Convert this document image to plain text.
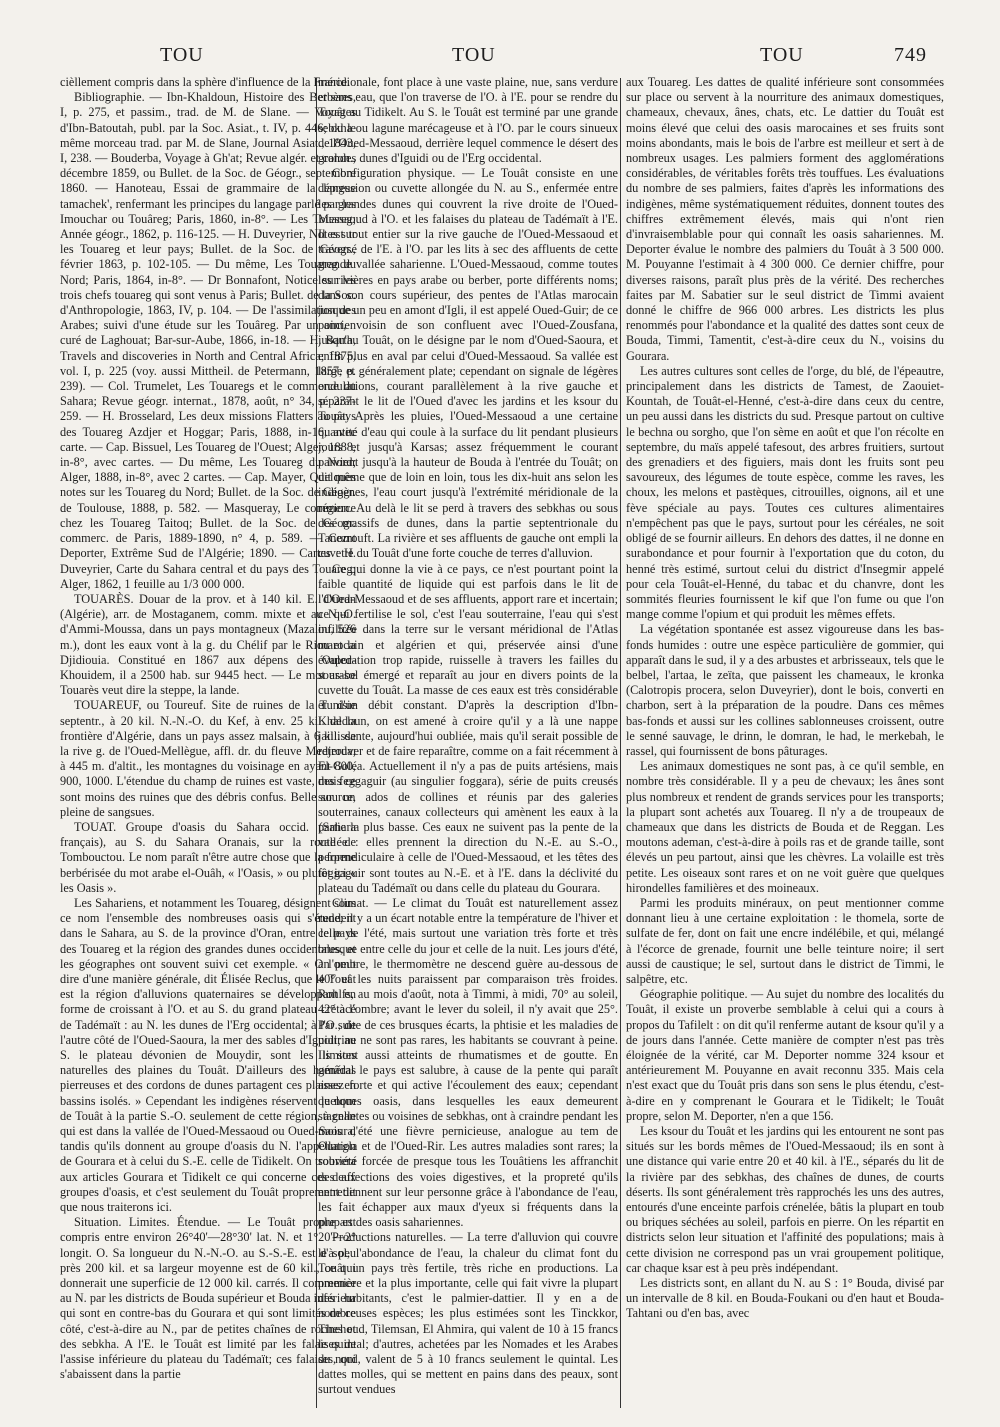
TOU	TOU	TOU	749

cièllement compris dans la sphère d'influence de la France.

Bibliographie. — Ibn-Khaldoun, Histoire des Berbères, I, p. 275, et passim., trad. de M. de Slane. — Voyages d'Ibn-Batoutah, publ. par la Soc. Asiat., t. IV, p. 446; ou le même morceau trad. par M. de Slane, Journal Asiat., 1843, I, 238. — Bouderba, Voyage à Gh'at; Revue algér. et colon., décembre 1859, ou Bullet. de la Soc. de Géogr., septembre 1860. — Hanoteau, Essai de grammaire de la langue tamachek', renfermant les principes du langage parlé par les Imouchar ou Touâreg; Paris, 1860, in-8°. — Les Touareg; Année géogr., 1862, p. 116-125. — H. Duveyrier, Notes sur les Touareg et leur pays; Bullet. de la Soc. de Géogr., février 1863, p. 102-105. — Du même, Les Touareg du Nord; Paris, 1864, in-8°. — Dr Bonnafont, Notice sur les trois chefs touareg qui sont venus à Paris; Bullet. de la Soc. d'Anthropologie, 1863, IV, p. 104. — De l'assimilation des Arabes; suivi d'une étude sur les Touâreg. Par un ancien curé de Laghouat; Bar-sur-Aube, 1866, in-18. — H. Barth, Travels and discoveries in North and Central Africa; 1875, vol. I, p. 225 (voy. aussi Mittheil. de Petermann, 1857, p. 239). — Col. Trumelet, Les Touaregs et le commerce du Sahara; Revue géogr. internat., 1878, août, n° 34, p. 237-259. — H. Brosselard, Les deux missions Flatters au pays des Touareg Azdjer et Hoggar; Paris, 1888, in-16, avec carte. — Cap. Bissuel, Les Touareg de l'Ouest; Alger, 1888, in-8°, avec cartes. — Du même, Les Touareg du Nord; Alger, 1888, in-8°, avec 2 cartes. — Cap. Mayer, Quelques notes sur les Touareg du Nord; Bullet. de la Soc. de Géogr. de Toulouse, 1888, p. 582. — Masqueray, Le commerce chez les Touareg Taitoq; Bullet. de la Soc. de Géogr. commerc. de Paris, 1889-1890, n° 4, p. 589. — Comt Deporter, Extrême Sud de l'Algérie; 1890. — Cartes : H. Duveyrier, Carte du Sahara central et du pays des Touareg; Alger, 1862, 1 feuille au 1/3 000 000.

TOUARÈS. Douar de la prov. et à 140 kil. E. d'Oran (Algérie), arr. de Mostaganem, comm. mixte et au N.-O. d'Ammi-Moussa, dans un pays montagneux (Mazalou, 526 m.), dont les eaux vont à la g. du Chélif par le Riou et la Djidiouia. Constitué en 1867 aux dépens des Ouled-Khouidem, il a 2500 hab. sur 9445 hect. — Le mot arabe Touarès veut dire la steppe, la lande.

TOUAREUF, ou Toureuf. Site de ruines de la Tunisie septentr., à 20 kil. N.-N.-O. du Kef, à env. 25 kil. de la frontière d'Algérie, dans un pays assez malsain, à 6 kil. de la rive g. de l'Oued-Mellègue, affl. dr. du fleuve Medjerda; à 445 m. d'altit., les montagnes du voisinage en ayant 800, 900, 1000. L'étendue du champ de ruines est vaste, mais ce sont moins des ruines que des débris confus. Belle source, pleine de sangsues.

TOUAT. Groupe d'oasis du Sahara occid. (Sahara français), au S. du Sahara Oranais, sur la route de Tombouctou. Le nom paraît n'être autre chose que la forme berbérisée du mot arabe el-Ouâh, « l'Oasis, » ou plutôt ici « les Oasis ».

Les Sahariens, et notamment les Touareg, désignent sous ce nom l'ensemble des nombreuses oasis qui s'étendent dans le Sahara, au S. de la province d'Oran, entre le pays des Touareg et la région des grandes dunes occidentales, et les géographes ont souvent suivi cet exemple. « On peut dire d'une manière générale, dit Élisée Reclus, que le Touât est la région d'alluvions quaternaires se développant en forme de croissant à l'O. et au S. du grand plateau crétacé de Tadémaït : au N. les dunes de l'Erg occidental; à l'O., de l'autre côté de l'Oued-Saoura, la mer des sables d'Iguidi; au S. le plateau dévonien de Mouydir, sont les limites naturelles des plaines du Touât. D'ailleurs des hamâdas pierreuses et des cordons de dunes partagent ces plaines en bassins isolés. » Cependant les indigènes réservent le nom de Touât à la partie S.-O. seulement de cette région, à celle qui est dans la vallée de l'Oued-Messaoud ou Oued-Saoura, tandis qu'ils donnent au groupe d'oasis du N. l'appellation de Gourara et à celui du S.-E. celle de Tidikelt. On trouvera aux articles Gourara et Tidikelt ce qui concerne ces deux groupes d'oasis, et c'est seulement du Touât proprement dit que nous traiterons ici.

Situation. Limites. Étendue. — Le Touât propre est compris entre environ 26°40'—28°30' lat. N. et 1°20'—2° longit. O. Sa longueur du N.-N.-O. au S.-S.-E. est d'à peu près 200 kil. et sa largeur moyenne est de 60 kil., ce qui donnerait une superficie de 12 000 kil. carrés. Il commence au N. par les districts de Bouda supérieur et Bouda inférieur qui sont en contre-bas du Gourara et qui sont limités de ce côté, c'est-à-dire au N., par de petites chaînes de roches et des sebkha. A l'E. le Touât est limité par les falaises de l'assise inférieure du plateau du Tadémaït; ces falaises, qui s'abaissent dans la partie

méridionale, font place à une vaste plaine, nue, sans verdure et sans eau, que l'on traverse de l'O. à l'E. pour se rendre du Touât au Tidikelt. Au S. le Touât est terminé par une grande sebkha ou lagune marécageuse et à l'O. par le cours sinueux de l'Oued-Messaoud, derrière lequel commence le désert des grandes dunes d'Iguidi ou de l'Erg occidental.

Configuration physique. — Le Touât consiste en une dépression ou cuvette allongée du N. au S., enfermée entre les grandes dunes qui couvrent la rive droite de l'Oued-Messaoud à l'O. et les falaises du plateau de Tadémaït à l'E. Il est tout entier sur la rive gauche de l'Oued-Messaoud et traversé de l'E. à l'O. par les lits à sec des affluents de cette grande vallée saharienne. L'Oued-Messaoud, comme toutes les rivières en pays arabe ou berber, porte différents noms; dans son cours supérieur, des pentes de l'Atlas marocain jusque un peu en amont d'Igli, il est appelé Oued-Guir; de ce point, voisin de son confluent avec l'Oued-Zousfana, jusqu'au Touât, on le désigne par le nom d'Oued-Saoura, et enfin plus en aval par celui d'Oued-Messaoud. Sa vallée est large et généralement plate; cependant on signale de légères ondulations, courant parallèlement à la rive gauche et séparant le lit de l'Oued d'avec les jardins et les ksour du Touât. Après les pluies, l'Oued-Messaoud a une certaine quantité d'eau qui coule à la surface du lit pendant plusieurs jours et jusqu'à Karsas; assez fréquemment le courant parvient jusqu'à la hauteur de Bouda à l'entrée du Touât; on dit même que de loin en loin, tous les dix-huit ans selon les indigènes, l'eau court jusqu'à l'extrémité méridionale de la région. Au delà le lit se perd à travers des sebkhas ou sous des massifs de dunes, dans la partie septentrionale du Tanezrouft. La rivière et ses affluents de gauche ont empli la cuvette du Touât d'une forte couche de terres d'alluvion.

Ce qui donne la vie à ce pays, ce n'est pourtant point la faible quantité de liquide qui est parfois dans le lit de l'Oued-Messaoud et de ses affluents, apport rare et incertain; ce qui fertilise le sol, c'est l'eau souterraine, l'eau qui s'est infiltrée dans la terre sur le versant méridional de l'Atlas marocain et algérien et qui, préservée ainsi d'une évaporation trop rapide, ruisselle à travers les failles du sous-sol émergé et reparaît au jour en divers points de la cuvette du Touât. La masse de ces eaux est très considérable et d'un débit constant. D'après la description d'Ibn-Khaldoun, on est amené à croire qu'il y a là une nappe jaillissante, aujourd'hui oubliée, mais qu'il serait possible de retrouver et de faire reparaître, comme on a fait récemment à El-Goléa. Actuellement il n'y a pas de puits artésiens, mais des feggaguir (au singulier foggara), série de puits creusés sur un ados de collines et réunis par des galeries souterraines, canaux collecteurs qui amènent les eaux à la partie la plus basse. Ces eaux ne suivent pas la pente de la vallée : elles prennent la direction du N.-E. au S.-O., perpendiculaire à celle de l'Oued-Messaoud, et les têtes des feggaguir sont toutes au N.-E. et à l'E. dans la déclivité du plateau du Tadémaït ou dans celle du plateau du Gourara.

Climat. — Le climat du Touât est naturellement assez rude; il y a un écart notable entre la température de l'hiver et celle de l'été, mais surtout une variation très forte et très brusque entre celle du jour et celle de la nuit. Les jours d'été, à l'ombre, le thermomètre ne descend guère au-dessous de 40° et les nuits paraissent par comparaison très froides. Rohlfs, au mois d'août, nota à Timmi, à midi, 70° au soleil, 42° à l'ombre; avant le lever du soleil, il n'y avait que 25°. Par suite de ces brusques écarts, la phtisie et les maladies de poitrine ne sont pas rares, les habitants se couvrant à peine. Ils sont aussi atteints de rhumatismes et de goutte. En général le pays est salubre, à cause de la pente qui paraît assez forte et qui active l'écoulement des eaux; cependant quelques oasis, dans lesquelles les eaux demeurent stagnantes ou voisines de sebkhas, ont à craindre pendant les mois d'été une fièvre pernicieuse, analogue au tem de Ouargla et de l'Oued-Rir. Les autres maladies sont rares; la sobriété forcée de presque tous les Touâtiens les affranchit des affections des voies digestives, et la propreté qu'ils entretiennent sur leur personne grâce à l'abondance de l'eau, les fait échapper aux maux d'yeux si fréquents dans la plupart des oasis sahariennes.

Productions naturelles. — La terre d'alluvion qui couvre le sol, l'abondance de l'eau, la chaleur du climat font du Touât un pays très fertile, très riche en productions. La première et la plus importante, celle qui fait vivre la plupart des habitants, c'est le palmier-dattier. Il y en a de nombreuses espèces; les plus estimées sont les Tinckkor, Tinehoud, Tilemsan, El Ahmira, qui valent de 10 à 15 francs le quintal; d'autres, achetées par les Nomades et les Arabes du nord, valent de 5 à 10 francs seulement le quintal. Les dattes molles, qui se mettent en pains dans des peaux, sont surtout vendues

aux Touareg. Les dattes de qualité inférieure sont consommées sur place ou servent à la nourriture des animaux domestiques, chameaux, chevaux, ânes, chats, etc. Le dattier du Touât est moins élevé que celui des oasis marocaines et ses fruits sont moins abondants, mais le bois de l'arbre est meilleur et sert à de nombreux usages. Les palmiers forment des agglomérations considérables, de véritables forêts très touffues. Les évaluations du nombre de ses palmiers, faites d'après les informations des indigènes, même systématiquement réduites, donnent toutes des chiffres extrêmement élevés, mais qui n'ont rien d'invraisemblable pour qui connaît les oasis sahariennes. M. Deporter évalue le nombre des palmiers du Touât à 3 500 000. M. Pouyanne l'estimait à 4 300 000. Ce dernier chiffre, pour diverses raisons, paraît plus près de la vérité. Des recherches faites par M. Sabatier sur le seul district de Timmi avaient donné le chiffre de 966 000 arbres. Les districts les plus renommés pour l'abondance et la qualité des dattes sont ceux de Bouda, Timmi, Tamentit, c'est-à-dire ceux du N., voisins du Gourara.

Les autres cultures sont celles de l'orge, du blé, de l'épeautre, principalement dans les districts de Tamest, de Zaouiet-Kountah, de Touât-el-Henné, c'est-à-dire dans ceux du centre, un peu aussi dans les districts du sud. Presque partout on cultive le bechna ou sorgho, que l'on sème en août et que l'on récolte en septembre, du maïs appelé tafesout, des arbres fruitiers, surtout des grenadiers et des figuiers, mais dont les fruits sont peu savoureux, des légumes de toute espèce, comme les raves, les choux, les melons et pastèques, citrouilles, oignons, ail et une fève spéciale au pays. Toutes ces cultures alimentaires n'empêchent pas que le pays, surtout pour les céréales, ne soit obligé de se fournir ailleurs. En dehors des dattes, il ne donne en surabondance et pour fournir à l'exportation que du coton, du henné très estimé, surtout celui du district d'Insegmir appelé pour cela Touât-el-Henné, du tabac et du chanvre, dont les sommités fleuries fournissent le kif que l'on fume ou que l'on mange comme l'opium et qui produit les mêmes effets.

La végétation spontanée est assez vigoureuse dans les bas-fonds humides : outre une espèce particulière de gommier, qui apparaît dans le sud, il y a des arbustes et arbrisseaux, tels que le belbel, l'artaa, le zeïta, que paissent les chameaux, le kronka (Calotropis procera, selon Duveyrier), dont le bois, converti en charbon, sert à la préparation de la poudre. Dans ces mêmes bas-fonds et aussi sur les collines sablonneuses croissent, outre le senné sauvage, le drinn, le domran, le had, le merkebah, le rassel, qui fournissent de bons pâturages.

Les animaux domestiques ne sont pas, à ce qu'il semble, en nombre très considérable. Il y a peu de chevaux; les ânes sont plus nombreux et rendent de grands services pour les transports; la plupart sont achetés aux Touareg. Il n'y a de troupeaux de chameaux que dans les districts de Bouda et de Reggan. Les moutons ademan, c'est-à-dire à poils ras et de grande taille, sont élevés un peu partout, ainsi que les chèvres. La volaille est très petite. Les oiseaux sont rares et on ne voit guère que quelques hirondelles familières et des moineaux.

Parmi les produits minéraux, on peut mentionner comme donnant lieu à une certaine exploitation : le thomela, sorte de sulfate de fer, dont on fait une encre indélébile, et qui, mélangé à l'écorce de grenade, fournit une belle teinture noire; il sert aussi de caustique; le sel, surtout dans le district de Timmi, le salpêtre, etc.

Géographie politique. — Au sujet du nombre des localités du Touât, il existe un proverbe semblable à celui qui a cours à propos du Tafilelt : on dit qu'il renferme autant de ksour qu'il y a de jours dans l'année. Cette manière de compter n'est pas très éloignée de la vérité, car M. Deporter nomme 324 ksour et antérieurement M. Pouyanne en avait reconnu 335. Mais cela n'est exact que du Touât pris dans son sens le plus étendu, c'est-à-dire en y comprenant le Gourara et le Tidikelt; le Touât propre, selon M. Deporter, n'en a que 156.

Les ksour du Touât et les jardins qui les entourent ne sont pas situés sur les bords mêmes de l'Oued-Messaoud; ils en sont à une distance qui varie entre 20 et 40 kil. à l'E., séparés du lit de la rivière par des sebkhas, des chaînes de dunes, de courts déserts. Ils sont généralement très rapprochés les uns des autres, entourés d'une enceinte parfois crénelée, bâtis la plupart en toub ou briques séchées au soleil, parfois en pierre. On les répartit en districts selon leur situation et l'affinité des populations; mais à cette division ne correspond pas un vrai groupement politique, car chaque ksar est à peu près indépendant.

Les districts sont, en allant du N. au S : 1° Bouda, divisé par un intervalle de 8 kil. en Bouda-Foukani ou d'en haut et Bouda-Tahtani ou d'en bas, avec
